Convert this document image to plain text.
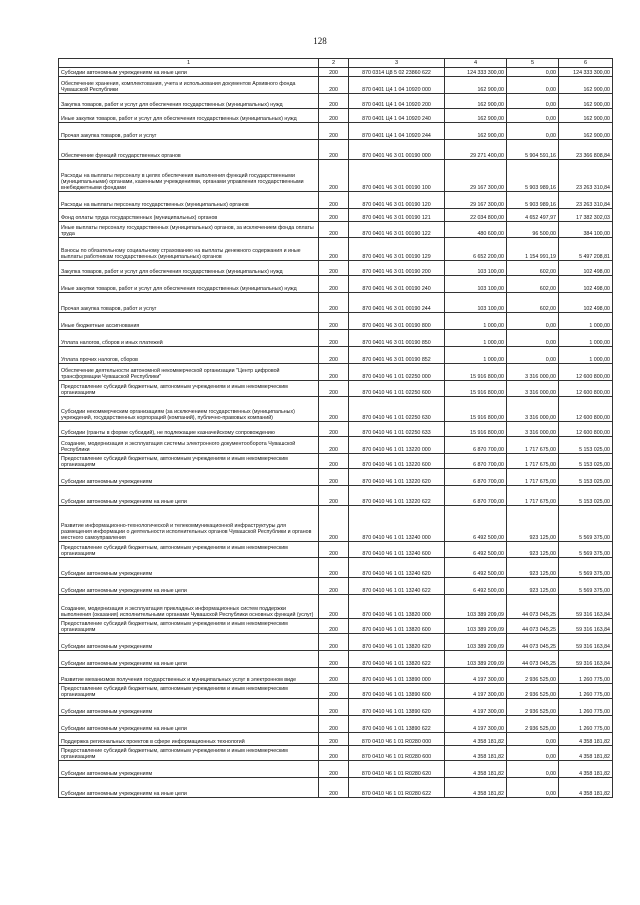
128
1	2	3	4	5	6
Субсидии автономным учреждениям на иные цели	200	870 0314 Ц8 5 02 23860 622	124 333 300,00	0,00	124 333 300,00
Обеспечение хранения, комплектования, учета и использования документов Архивного фонда Чувашской Республики	200	870 0401 Ц4 1 04 10920 000	162 900,00	0,00	162 900,00
Закупка товаров, работ и услуг для обеспечения государственных (муниципальных) нужд	200	870 0401 Ц4 1 04 10920 200	162 900,00	0,00	162 900,00
Иные закупки товаров, работ и услуг для обеспечения государственных (муниципальных) нужд	200	870 0401 Ц4 1 04 10920 240	162 900,00	0,00	162 900,00
Прочая закупка товаров, работ и услуг	200	870 0401 Ц4 1 04 10920 244	162 900,00	0,00	162 900,00
Обеспечение функций государственных органов	200	870 0401 Ч6 3 01 00190 000	29 271 400,00	5 904 591,16	23 366 808,84
Расходы на выплаты персоналу в целях обеспечения выполнения функций государственными (муниципальными) органами, казенными учреждениями, органами управления государственными внебюджетными фондами	200	870 0401 Ч6 3 01 00190 100	29 167 300,00	5 903 989,16	23 263 310,84
Расходы на выплаты персоналу государственных (муниципальных) органов	200	870 0401 Ч6 3 01 00190 120	29 167 300,00	5 903 989,16	23 263 310,84
Фонд оплаты труда государственных (муниципальных) органов	200	870 0401 Ч6 3 01 00190 121	22 034 800,00	4 652 497,97	17 382 302,03
Иные выплаты персоналу государственных (муниципальных) органов, за исключением фонда оплаты труда	200	870 0401 Ч6 3 01 00190 122	480 600,00	96 500,00	384 100,00
Взносы по обязательному социальному страхованию на выплаты денежного содержания и иные выплаты работникам государственных (муниципальных) органов	200	870 0401 Ч6 3 01 00190 129	6 652 200,00	1 154 991,19	5 497 208,81
Закупка товаров, работ и услуг для обеспечения государственных (муниципальных) нужд	200	870 0401 Ч6 3 01 00190 200	103 100,00	602,00	102 498,00
Иные закупки товаров, работ и услуг для обеспечения государственных (муниципальных) нужд	200	870 0401 Ч6 3 01 00190 240	103 100,00	602,00	102 498,00
Прочая закупка товаров, работ и услуг	200	870 0401 Ч6 3 01 00190 244	103 100,00	602,00	102 498,00
Иные бюджетные ассигнования	200	870 0401 Ч6 3 01 00190 800	1 000,00	0,00	1 000,00
Уплата налогов, сборов и иных платежей	200	870 0401 Ч6 3 01 00190 850	1 000,00	0,00	1 000,00
Уплата прочих налогов, сборов	200	870 0401 Ч6 3 01 00190 852	1 000,00	0,00	1 000,00
Обеспечение деятельности автономной некоммерческой организации "Центр цифровой трансформации Чувашской Республики"	200	870 0410 Ч6 1 01 02250 000	15 916 800,00	3 316 000,00	12 600 800,00
Предоставление субсидий бюджетным, автономным учреждениям и иным некоммерческим организациям	200	870 0410 Ч6 1 01 02250 600	15 916 800,00	3 316 000,00	12 600 800,00
Субсидии некоммерческим организациям (за исключением государственных (муниципальных) учреждений, государственных корпораций (компаний), публично-правовых компаний)	200	870 0410 Ч6 1 01 02250 630	15 916 800,00	3 316 000,00	12 600 800,00
Субсидии (гранты в форме субсидий), не подлежащие казначейскому сопровождению	200	870 0410 Ч6 1 01 02250 633	15 916 800,00	3 316 000,00	12 600 800,00
Создание, модернизация и эксплуатация системы электронного документооборота Чувашской Республики	200	870 0410 Ч6 1 01 13220 000	6 870 700,00	1 717 675,00	5 153 025,00
Предоставление субсидий бюджетным, автономным учреждениям и иным некоммерческим организациям	200	870 0410 Ч6 1 01 13220 600	6 870 700,00	1 717 675,00	5 153 025,00
Субсидии автономным учреждениям	200	870 0410 Ч6 1 01 13220 620	6 870 700,00	1 717 675,00	5 153 025,00
Субсидии автономным учреждениям на иные цели	200	870 0410 Ч6 1 01 13220 622	6 870 700,00	1 717 675,00	5 153 025,00
Развитие информационно-технологической и телекоммуникационной инфраструктуры для размещения информации о деятельности исполнительных органов Чувашской Республики и органов местного самоуправления	200	870 0410 Ч6 1 01 13240 000	6 492 500,00	923 125,00	5 569 375,00
Предоставление субсидий бюджетным, автономным учреждениям и иным некоммерческим организациям	200	870 0410 Ч6 1 01 13240 600	6 492 500,00	923 125,00	5 569 375,00
Субсидии автономным учреждениям	200	870 0410 Ч6 1 01 13240 620	6 492 500,00	923 125,00	5 569 375,00
Субсидии автономным учреждениям на иные цели	200	870 0410 Ч6 1 01 13240 622	6 492 500,00	923 125,00	5 569 375,00
Создание, модернизация и эксплуатация прикладных информационных систем поддержки выполнения (оказания) исполнительными органами Чувашской Республики основных функций (услуг)	200	870 0410 Ч6 1 01 13820 000	103 389 209,09	44 073 045,25	59 316 163,84
Предоставление субсидий бюджетным, автономным учреждениям и иным некоммерческим организациям	200	870 0410 Ч6 1 01 13820 600	103 389 209,09	44 073 045,25	59 316 163,84
Субсидии автономным учреждениям	200	870 0410 Ч6 1 01 13820 620	103 389 209,09	44 073 045,25	59 316 163,84
Субсидии автономным учреждениям на иные цели	200	870 0410 Ч6 1 01 13820 622	103 389 209,09	44 073 045,25	59 316 163,84
Развитие механизмов получения государственных и муниципальных услуг в электронном виде	200	870 0410 Ч6 1 01 13890 000	4 197 300,00	2 936 525,00	1 260 775,00
Предоставление субсидий бюджетным, автономным учреждениям и иным некоммерческим организациям	200	870 0410 Ч6 1 01 13890 600	4 197 300,00	2 936 525,00	1 260 775,00
Субсидии автономным учреждениям	200	870 0410 Ч6 1 01 13890 620	4 197 300,00	2 936 525,00	1 260 775,00
Субсидии автономным учреждениям на иные цели	200	870 0410 Ч6 1 01 13890 622	4 197 300,00	2 936 525,00	1 260 775,00
Поддержка региональных проектов в сфере информационных технологий	200	870 0410 Ч6 1 01 R0280 000	4 358 181,82	0,00	4 358 181,82
Предоставление субсидий бюджетным, автономным учреждениям и иным некоммерческим организациям	200	870 0410 Ч6 1 01 R0280 600	4 358 181,82	0,00	4 358 181,82
Субсидии автономным учреждениям	200	870 0410 Ч6 1 01 R0280 620	4 358 181,82	0,00	4 358 181,82
Субсидии автономным учреждениям на иные цели	200	870 0410 Ч6 1 01 R0280 622	4 358 181,82	0,00	4 358 181,82
